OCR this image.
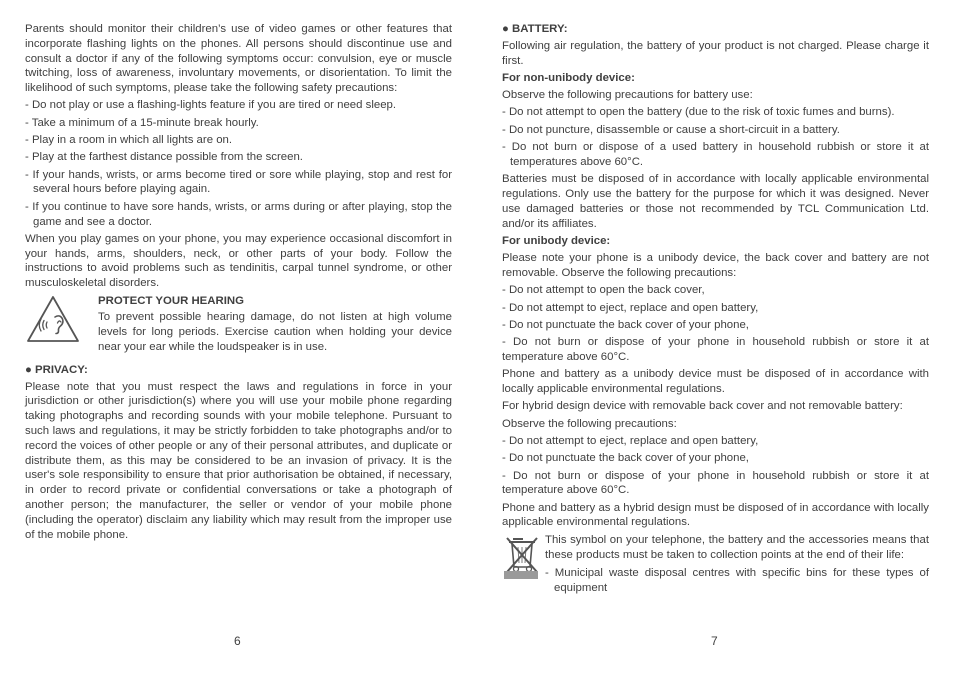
Parents should monitor their children’s use of video games or other features that incorporate flashing lights on the phones. All persons should discontinue use and consult a doctor if any of the following symptoms occur: convulsion, eye or muscle twitching, loss of awareness, involuntary movements, or disorientation. To limit the likelihood of such symptoms, please take the following safety precautions:

- Do not play or use a flashing-lights feature if you are tired or need sleep.
- Take a minimum of a 15-minute break hourly.
- Play in a room in which all lights are on.
- Play at the farthest distance possible from the screen.
- If your hands, wrists, or arms become tired or sore while playing, stop and rest for several hours before playing again.
- If you continue to have sore hands, wrists, or arms during or after playing, stop the game and see a doctor.

When you play games on your phone, you may experience occasional discomfort in your hands, arms, shoulders, neck, or other parts of your body. Follow the instructions to avoid problems such as tendinitis, carpal tunnel syndrome, or other musculoskeletal disorders.

PROTECT YOUR HEARING
To prevent possible hearing damage, do not listen at high volume levels for long periods. Exercise caution when holding your device near your ear while the loudspeaker is in use.
● PRIVACY:

Please note that you must respect the laws and regulations in force in your jurisdiction or other jurisdiction(s) where you will use your mobile phone regarding taking photographs and recording sounds with your mobile telephone. Pursuant to such laws and regulations, it may be strictly forbidden to take photographs and/or to record the voices of other people or any of their personal attributes, and duplicate or distribute them, as this may be considered to be an invasion of privacy. It is the user's sole responsibility to ensure that prior authorisation be obtained, if necessary, in order to record private or confidential conversations or take a photograph of another person; the manufacturer, the seller or vendor of your mobile phone (including the operator) disclaim any liability which may result from the improper use of the mobile phone.

6
● BATTERY:

Following air regulation, the battery of your product is not charged. Please charge it first.

For non-unibody device:

Observe the following precautions for battery use:

- Do not attempt to open the battery (due to the risk of toxic fumes and burns).
- Do not puncture, disassemble or cause a short-circuit in a battery.
- Do not burn or dispose of a used battery in household rubbish or store it at temperatures above 60°C.

Batteries must be disposed of in accordance with locally applicable environmental regulations. Only use the battery for the purpose for which it was designed. Never use damaged batteries or those not recommended by TCL Communication Ltd. and/or its affiliates.

For unibody device:

Please note your phone is a unibody device, the back cover and battery are not removable. Observe the following precautions:

- Do not attempt to open the back cover,
- Do not attempt to eject, replace and open battery,
- Do not punctuate the back cover of your phone,
- Do not burn or dispose of your phone in household rubbish or store it at temperature above 60°C.

Phone and battery as a unibody device must be disposed of in accordance with locally applicable environmental regulations.

For hybrid design device with removable back cover and not removable battery:

Observe the following precautions:

- Do not attempt to eject, replace and open battery,
- Do not punctuate the back cover of your phone,
- Do not burn or dispose of your phone in household rubbish or store it at temperature above 60°C.

Phone and battery as a hybrid design must be disposed of in accordance with locally applicable environmental regulations.

This symbol on your telephone, the battery and the accessories means that these products must be taken to collection points at the end of their life:
- Municipal waste disposal centres with specific bins for these types of equipment
7
